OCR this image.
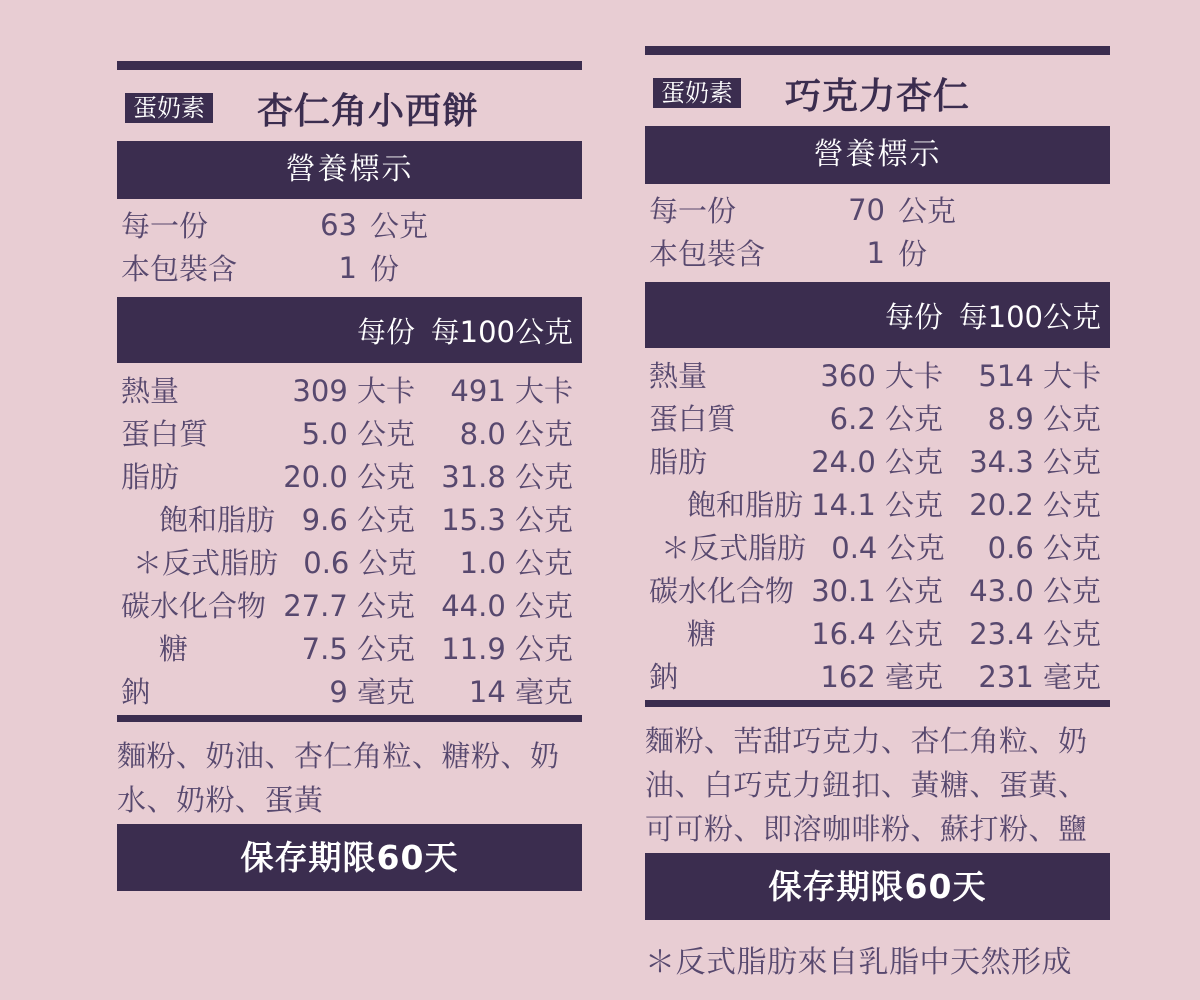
蛋奶素 杏仁角小西餅
營養標示
每一份	63 公克
本包裝含	1 份
每份 每100公克
熱量	309 大卡	491 大卡
蛋白質	5.0 公克	8.0 公克
脂肪	20.0 公克 31.8 公克
飽和脂肪 9.6 公克 15.3 公克
＊反式脂肪 0.6 公克	1.0 公克
碳水化合物 27.7 公克 44.0 公克
糖	7.5 公克 11.9 公克
鈉	9 毫克	14 毫克

麵粉、奶油、杏仁角粒、糖粉、奶水、奶粉、蛋黃

保存期限60天
蛋奶素 巧克力杏仁
營養標示
每一份	70 公克
本包裝含	1 份
每份 每100公克
熱量	360 大卡	514 大卡
蛋白質	6.2 公克	8.9 公克
脂肪	24.0 公克 34.3 公克
飽和脂肪 14.1 公克 20.2 公克
＊反式脂肪 0.4 公克	0.6 公克
碳水化合物 30.1 公克 43.0 公克
糖	16.4 公克 23.4 公克
鈉	162 毫克	231 毫克

麵粉、苦甜巧克力、杏仁角粒、奶油、白巧克力鈕扣、黃糖、蛋黃、可可粉、即溶咖啡粉、蘇打粉、鹽

保存期限60天

＊反式脂肪來自乳脂中天然形成
